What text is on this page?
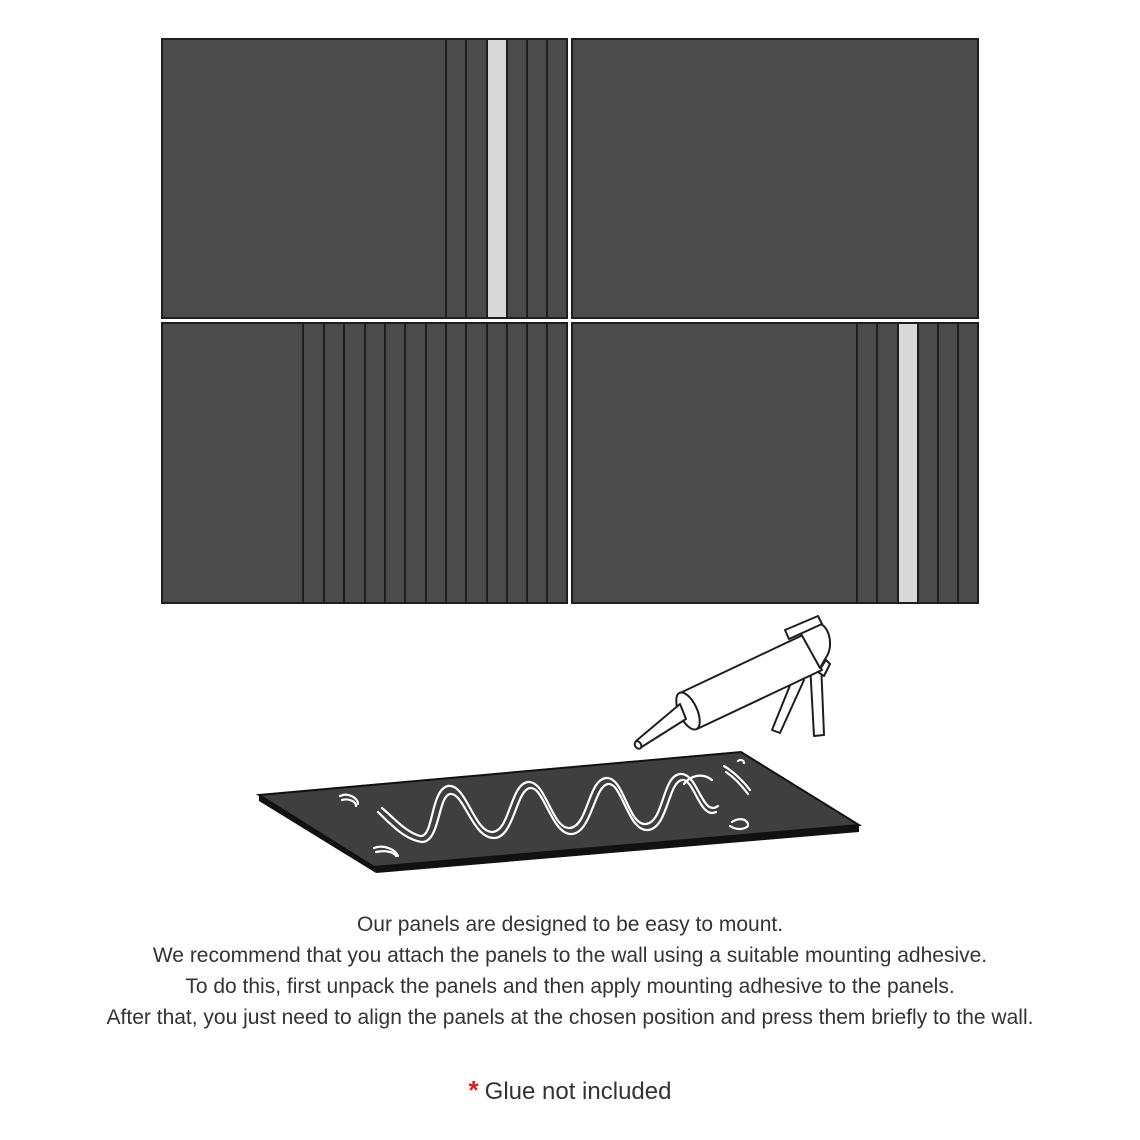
Our panels are designed to be easy to mount.
We recommend that you attach the panels to the wall using a suitable mounting adhesive.
To do this, first unpack the panels and then apply mounting adhesive to the panels.
After that, you just need to align the panels at the chosen position and press them briefly to the wall.
* Glue not included
